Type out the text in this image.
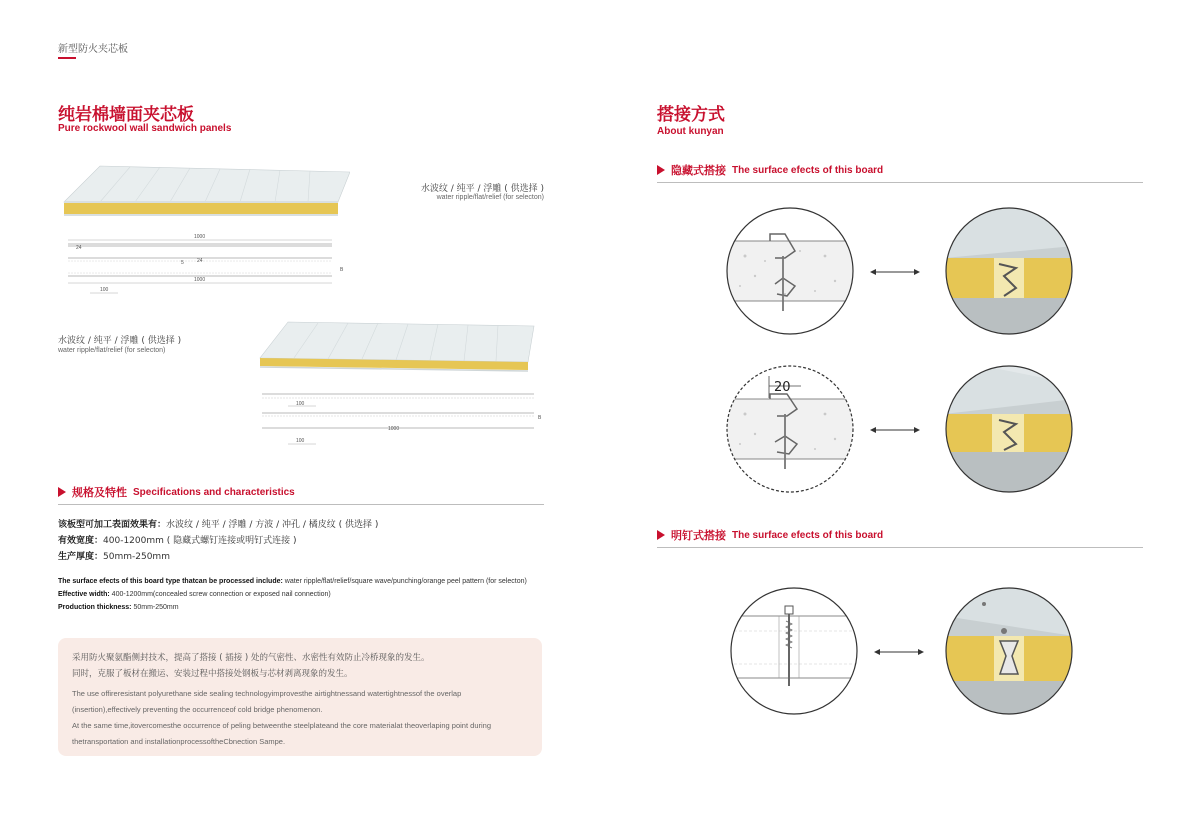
新型防火夹芯板
纯岩棉墙面夹芯板
Pure rockwool wall sandwich panels
1000
24
5	24
B
1000
100
水波纹 / 纯平 / 浮雕 ( 供选择 )
water ripple/flat/relief (for selecton)
水波纹 / 纯平 / 浮雕 ( 供选择 )
water ripple/flat/relief (for selecton)
100
1000
100
B
规格及特性 Specifications and characteristics
该板型可加工表面效果有：水波纹 / 纯平 / 浮雕 / 方波 / 冲孔 / 橘皮纹 ( 供选择 )
有效宽度：400-1200mm ( 隐藏式螺钉连接或明钉式连接 )
生产厚度：50mm-250mm
The surface efects of this board type thatcan be processed include: water ripple/flat/relief/square wave/punching/orange peel pattern (for selecton)
Effective width: 400-1200mm(concealed screw connection or exposed nail connection)
Production thickness: 50mm-250mm
采用防火聚氨酯侧封技术，提高了搭接 ( 插接 ) 处的气密性、水密性有效防止冷桥现象的发生。
同时，克服了板材在搬运、安装过程中搭接处钢板与芯材剥离现象的发生。
The use offireresistant polyurethane side sealing technologyimprovesthe airtightnessand watertightnessof the overlap
(insertion),effectively preventing the occurrenceof cold bridge phenomenon.
At the same time,itovercomesthe occurrence of peling betweenthe steelplateand the core materialat theoverlaping point during
thetransportation and installationprocessoftheCbnection Sampe.
搭接方式
About kunyan
隐藏式搭接 The surface efects of this board
20
明钉式搭接 The surface efects of this board
